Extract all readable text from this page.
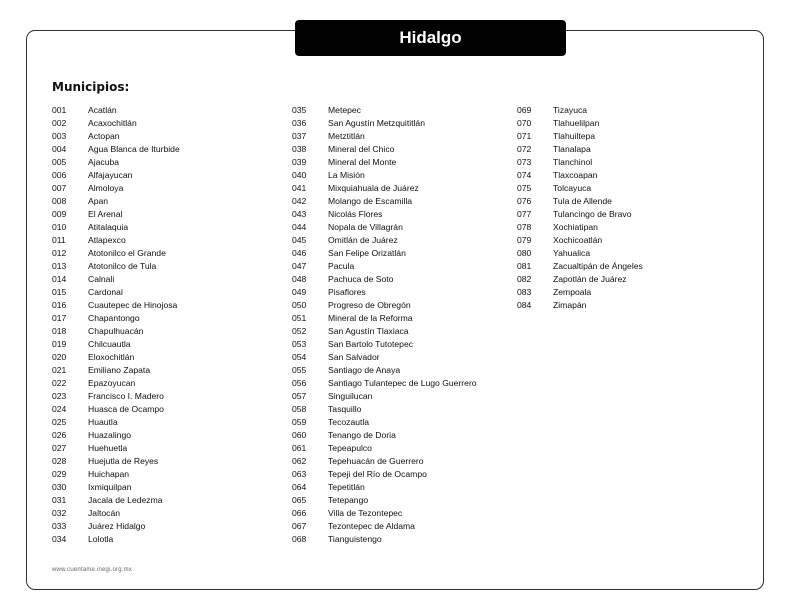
Hidalgo
Municipios:
001	Acatlán
002	Acaxochitlán
003	Actopan
004	Agua Blanca de Iturbide
005	Ajacuba
006	Alfajayucan
007	Almoloya
008	Apan
009	El Arenal
010	Atitalaquia
011	Atlapexco
012	Atotonilco el Grande
013	Atotonilco de Tula
014	Calnali
015	Cardonal
016	Cuautepec de Hinojosa
017	Chapantongo
018	Chapulhuacán
019	Chilcuautla
020	Eloxochitlán
021	Emiliano Zapata
022	Epazoyucan
023	Francisco I. Madero
024	Huasca de Ocampo
025	Huautla
026	Huazalingo
027	Huehuetla
028	Huejutla de Reyes
029	Huichapan
030	Ixmiquilpan
031	Jacala de Ledezma
032	Jaltocán
033	Juárez Hidalgo
034	Lolotla
035	Metepec
036	San Agustín Metzquititlán
037	Metztitlán
038	Mineral del Chico
039	Mineral del Monte
040	La Misión
041	Mixquiahuala de Juárez
042	Molango de Escamilla
043	Nicolás Flores
044	Nopala de Villagrán
045	Omitlán de Juárez
046	San Felipe Orizatlán
047	Pacula
048	Pachuca de Soto
049	Pisaflores
050	Progreso de Obregón
051	Mineral de la Reforma
052	San Agustín Tlaxiaca
053	San Bartolo Tutotepec
054	San Salvador
055	Santiago de Anaya
056	Santiago Tulantepec de Lugo Guerrero
057	Singuilucan
058	Tasquillo
059	Tecozautla
060	Tenango de Doria
061	Tepeapulco
062	Tepehuacán de Guerrero
063	Tepeji del Río de Ocampo
064	Tepetitlán
065	Tetepango
066	Villa de Tezontepec
067	Tezontepec de Aldama
068	Tianguistengo
069	Tizayuca
070	Tlahuelilpan
071	Tlahuiltepa
072	Tlanalapa
073	Tlanchinol
074	Tlaxcoapan
075	Tolcayuca
076	Tula de Allende
077	Tulancingo de Bravo
078	Xochiatipan
079	Xochicoatlán
080	Yahualica
081	Zacualtipán de Ángeles
082	Zapotlán de Juárez
083	Zempoala
084	Zimapán
www.cuentame.inegi.org.mx
